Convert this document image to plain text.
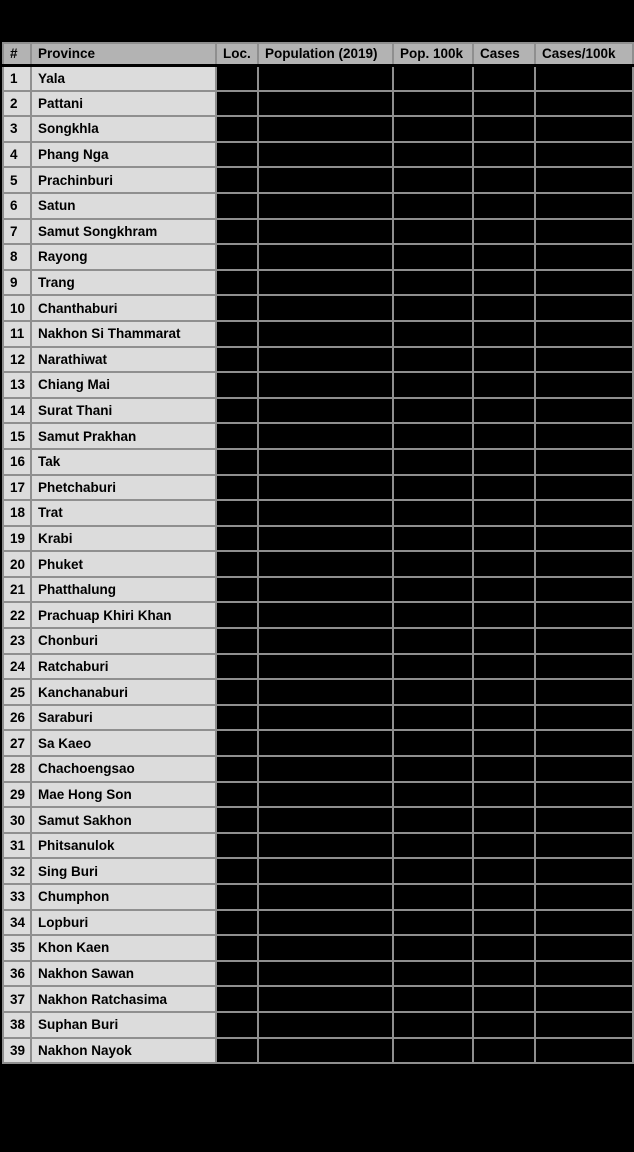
#	Province	Loc.	Population (2019)	Pop. 100k	Cases	Cases/100k
1	Yala					
2	Pattani					
3	Songkhla					
4	Phang Nga					
5	Prachinburi					
6	Satun					
7	Samut Songkhram					
8	Rayong					
9	Trang					
10	Chanthaburi					
11	Nakhon Si Thammarat					
12	Narathiwat					
13	Chiang Mai					
14	Surat Thani					
15	Samut Prakhan					
16	Tak					
17	Phetchaburi					
18	Trat					
19	Krabi					
20	Phuket					
21	Phatthalung					
22	Prachuap Khiri Khan					
23	Chonburi					
24	Ratchaburi					
25	Kanchanaburi					
26	Saraburi					
27	Sa Kaeo					
28	Chachoengsao					
29	Mae Hong Son					
30	Samut Sakhon					
31	Phitsanulok					
32	Sing Buri					
33	Chumphon					
34	Lopburi					
35	Khon Kaen					
36	Nakhon Sawan					
37	Nakhon Ratchasima					
38	Suphan Buri					
39	Nakhon Nayok					
